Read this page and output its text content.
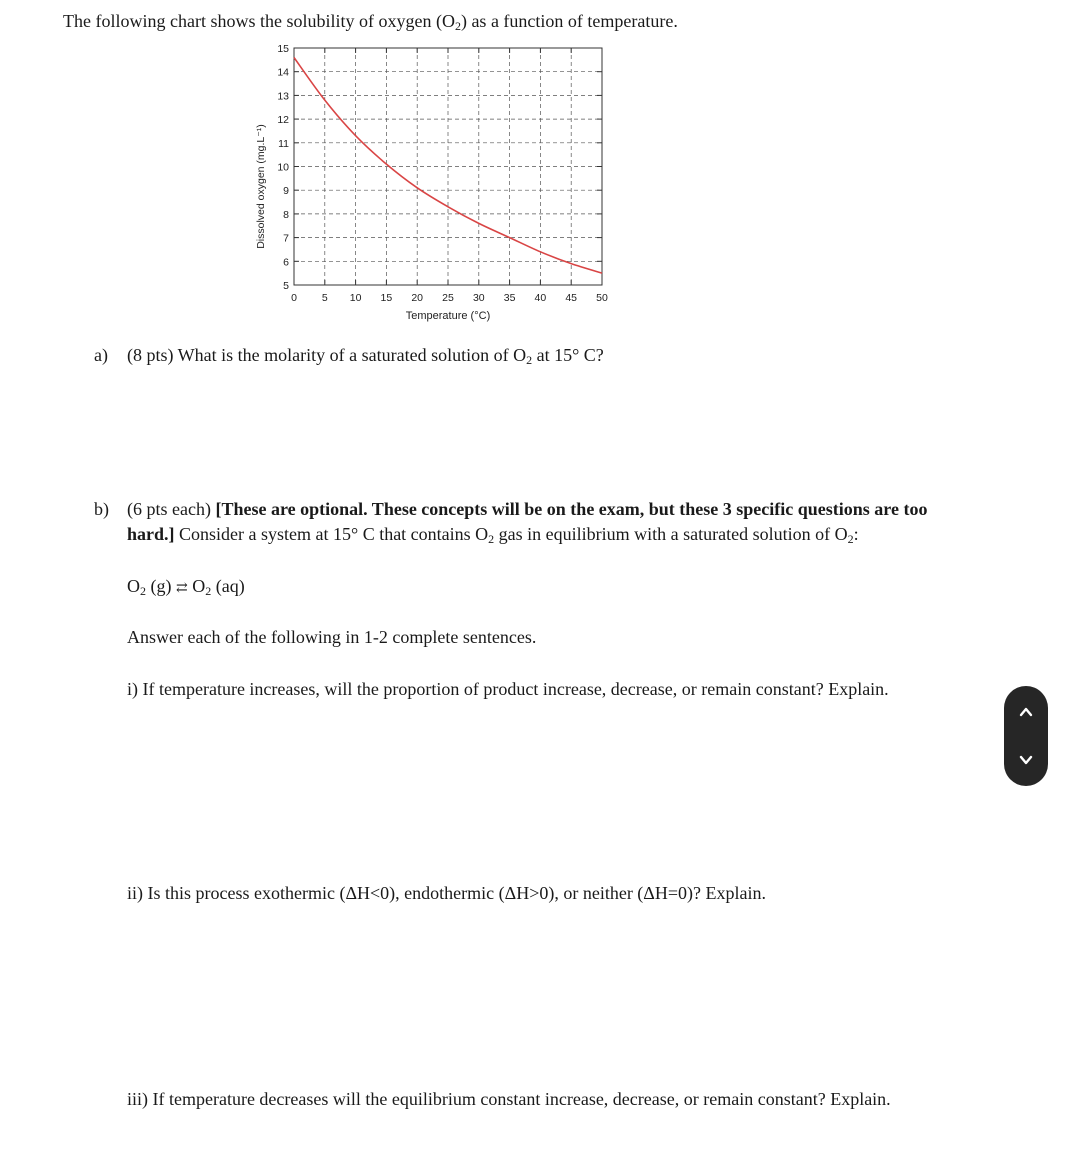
The following chart shows the solubility of oxygen $(O_2)$ as a function of temperature.
0 5 10 15 20 25 30 35 40 45 50
5
6
7
8
9
10
11
12
13
14
15
Temperature (°C)
Dissolved oxygen (mg.L⁻¹)
a) (8 pts) What is the molarity of a saturated solution of $O_2$ at 15° C?
b) (6 pts each) [These are optional. These concepts will be on the exam, but these 3 specific questions are too
hard.] Consider a system at 15° C that contains $O_2$ gas in equilibrium with a saturated solution of $O_2$:
$O_2$ (g) ⇄ $O_2$ (aq)
Answer each of the following in 1-2 complete sentences.
i) If temperature increases, will the proportion of product increase, decrease, or remain constant? Explain.
ii) Is this process exothermic (ΔH<0), endothermic (ΔH>0), or neither (ΔH=0)? Explain.
iii) If temperature decreases will the equilibrium constant increase, decrease, or remain constant? Explain.
